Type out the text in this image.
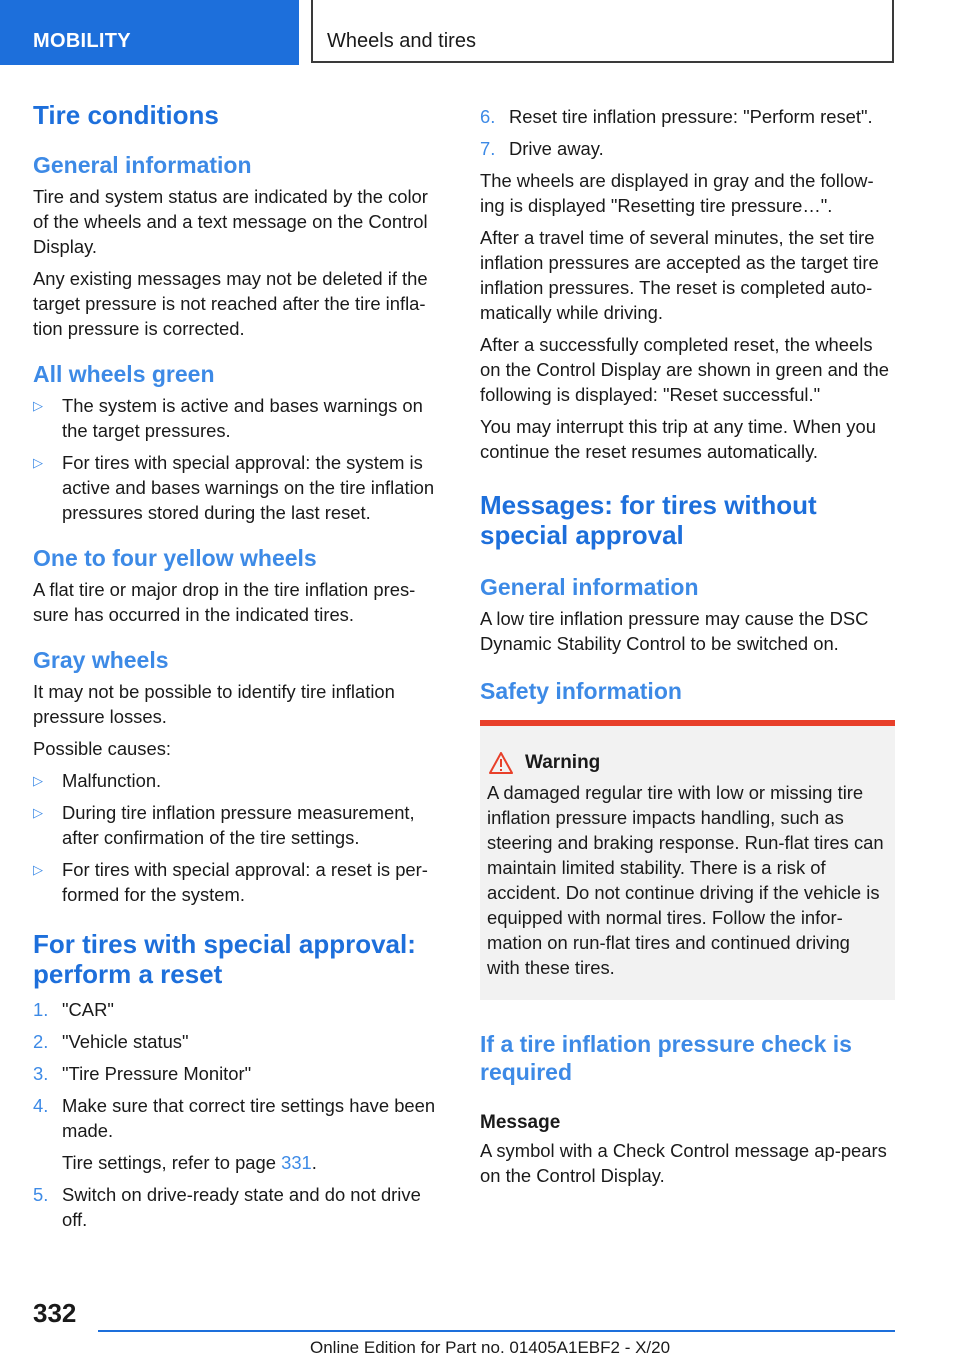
MOBILITY	Wheels and tires
Tire conditions
General information

Tire and system status are indicated by the color of the wheels and a text message on the Control Display.

Any existing messages may not be deleted if the target pressure is not reached after the tire infla‐tion pressure is corrected.

All wheels green
▷ The system is active and bases warnings on the target pressures.
▷ For tires with special approval: the system is active and bases warnings on the tire inflation pressures stored during the last reset.
One to four yellow wheels

A flat tire or major drop in the tire inflation pres‐sure has occurred in the indicated tires.

Gray wheels

It may not be possible to identify tire inflation pressure losses.

Possible causes:

▷ Malfunction.
▷ During tire inflation pressure measurement, after confirmation of the tire settings.
▷ For tires with special approval: a reset is per‐formed for the system.
For tires with special approval: perform a reset
1. "CAR"
2. "Vehicle status"
3. "Tire Pressure Monitor"
4. Make sure that correct tire settings have been made.
Tire settings, refer to page 331.
5. Switch on drive-ready state and do not drive off.
6. Reset tire inflation pressure: "Perform reset".
7. Drive away.

The wheels are displayed in gray and the follow‐ing is displayed "Resetting tire pressure…".

After a travel time of several minutes, the set tire inflation pressures are accepted as the target tire inflation pressures. The reset is completed auto‐matically while driving.

After a successfully completed reset, the wheels on the Control Display are shown in green and the following is displayed: "Reset successful."

You may interrupt this trip at any time. When you continue the reset resumes automatically.

Messages: for tires without special approval
General information

A low tire inflation pressure may cause the DSC Dynamic Stability Control to be switched on.

Safety information
Warning

A damaged regular tire with low or missing tire inflation pressure impacts handling, such as steering and braking response. Run-flat tires can maintain limited stability. There is a risk of accident. Do not continue driving if the vehicle is equipped with normal tires. Follow the infor‐mation on run-flat tires and continued driving with these tires.

If a tire inflation pressure check is required
Message

A symbol with a Check Control message ap‐pears on the Control Display.

332
Online Edition for Part no. 01405A1EBF2 - X/20
